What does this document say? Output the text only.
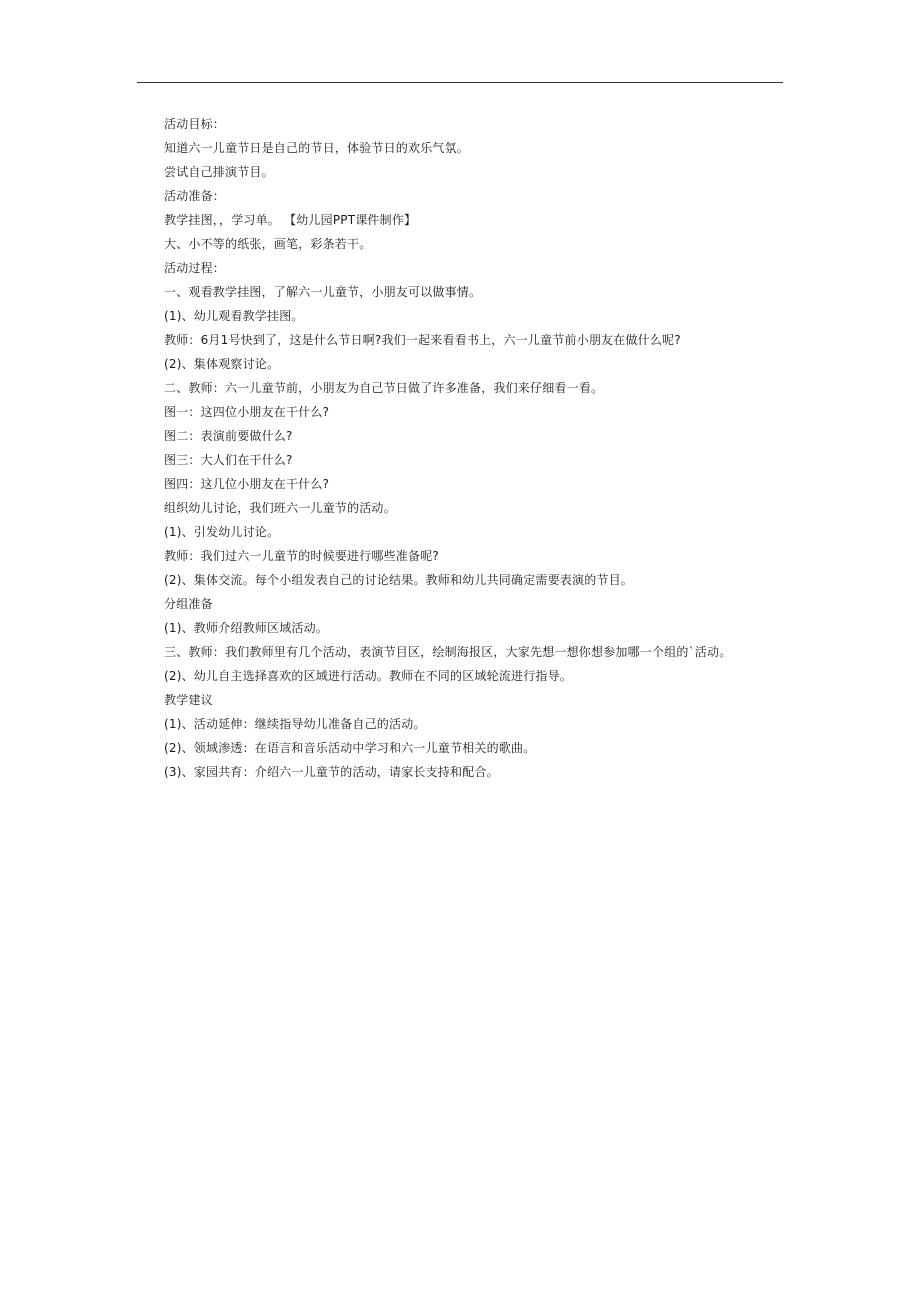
活动目标：
知道六一儿童节日是自己的节日，体验节日的欢乐气氛。
尝试自己排演节目。
活动准备：
教学挂图，，学习单。 【幼儿园PPT课件制作】
大、小不等的纸张，画笔，彩条若干。
活动过程：
一、观看教学挂图，了解六一儿童节，小朋友可以做事情。
(1)、幼儿观看教学挂图。
教师：6月1号快到了，这是什么节日啊?我们一起来看看书上，六一儿童节前小朋友在做什么呢?
(2)、集体观察讨论。
二、教师：六一儿童节前，小朋友为自己节日做了许多准备，我们来仔细看一看。
图一：这四位小朋友在干什么?
图二：表演前要做什么?
图三：大人们在干什么?
图四：这几位小朋友在干什么?
组织幼儿讨论，我们班六一儿童节的活动。
(1)、引发幼儿讨论。
教师：我们过六一儿童节的时候要进行哪些准备呢?
(2)、集体交流。每个小组发表自己的讨论结果。教师和幼儿共同确定需要表演的节目。
分组准备
(1)、教师介绍教师区域活动。
三、教师：我们教师里有几个活动，表演节目区，绘制海报区，大家先想一想你想参加哪一个组的`活动。
(2)、幼儿自主选择喜欢的区域进行活动。教师在不同的区域轮流进行指导。
教学建议
(1)、活动延伸：继续指导幼儿准备自己的活动。
(2)、领域渗透：在语言和音乐活动中学习和六一儿童节相关的歌曲。
(3)、家园共育：介绍六一儿童节的活动，请家长支持和配合。
